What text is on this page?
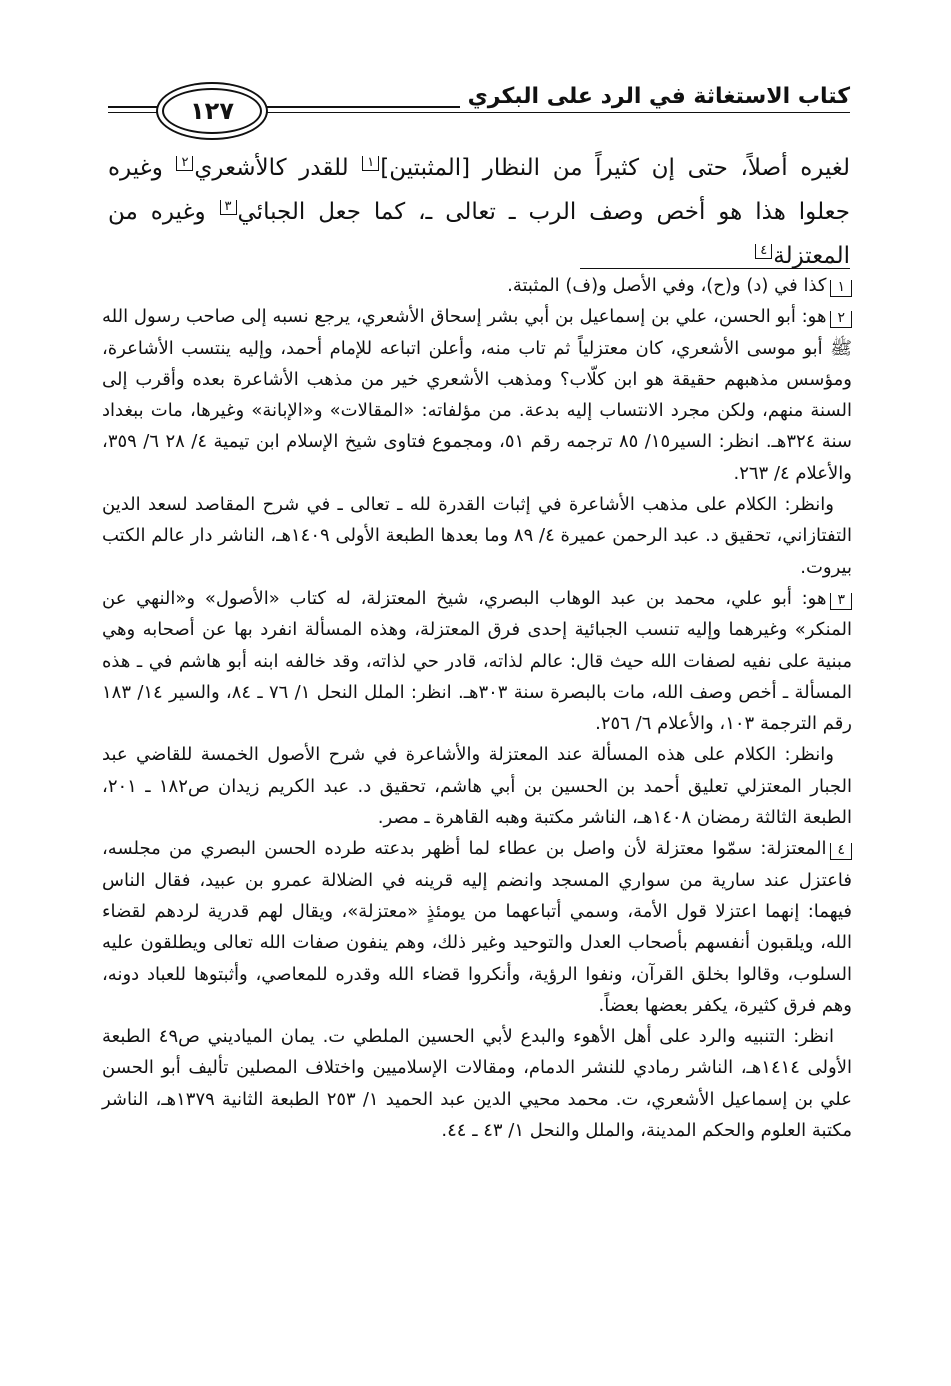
١٢٧
كتاب الاستغاثة في الرد على البكري
لغيره أصلاً، حتى إن كثيراً من النظار [المثبتين]١ للقدر كالأشعري٢ وغيره جعلوا هذا هو أخص وصف الرب ـ تعالى ـ، كما جعل الجبائي٣ وغيره من المعتزلة٤

١كذا في (د) و(ح)، وفي الأصل و(ف) المثبتة.

٢هو: أبو الحسن، علي بن إسماعيل بن أبي بشر إسحاق الأشعري، يرجع نسبه إلى صاحب رسول الله ﷺ أبو موسى الأشعري، كان معتزلياً ثم تاب منه، وأعلن اتباعه للإمام أحمد، وإليه ينتسب الأشاعرة، ومؤسس مذهبهم حقيقة هو ابن كلّاب؟ ومذهب الأشعري خير من مذهب الأشاعرة بعده وأقرب إلى السنة منهم، ولكن مجرد الانتساب إليه بدعة. من مؤلفاته: «المقالات» و«الإبانة» وغيرها، مات ببغداد سنة ٣٢٤هـ. انظر: السير١٥/ ٨٥ ترجمه رقم ٥١، ومجموع فتاوى شيخ الإسلام ابن تيمية ٤/ ٢٨ ٦/ ٣٥٩، والأعلام ٤/ ٢٦٣.

وانظر: الكلام على مذهب الأشاعرة في إثبات القدرة لله ـ تعالى ـ في شرح المقاصد لسعد الدين التفتازاني، تحقيق د. عبد الرحمن عميرة ٤/ ٨٩ وما بعدها الطبعة الأولى ١٤٠٩هـ، الناشر دار عالم الكتب بيروت.

٣هو: أبو علي، محمد بن عبد الوهاب البصري، شيخ المعتزلة، له كتاب «الأصول» و«النهي عن المنكر» وغيرهما وإليه تنسب الجبائية إحدى فرق المعتزلة، وهذه المسألة انفرد بها عن أصحابه وهي مبنية على نفيه لصفات الله حيث قال: عالم لذاته، قادر حي لذاته، وقد خالفه ابنه أبو هاشم في ـ هذه المسألة ـ أخص وصف الله، مات بالبصرة سنة ٣٠٣هـ. انظر: الملل النحل ١/ ٧٦ ـ ٨٤، والسير ١٤/ ١٨٣ رقم الترجمة ١٠٣، والأعلام ٦/ ٢٥٦.

وانظر: الكلام على هذه المسألة عند المعتزلة والأشاعرة في شرح الأصول الخمسة للقاضي عبد الجبار المعتزلي تعليق أحمد بن الحسين بن أبي هاشم، تحقيق د. عبد الكريم زيدان ص١٨٢ ـ ٢٠١، الطبعة الثالثة رمضان ١٤٠٨هـ، الناشر مكتبة وهبه القاهرة ـ مصر.

٤المعتزلة: سمّوا معتزلة لأن واصل بن عطاء لما أظهر بدعته طرده الحسن البصري من مجلسه، فاعتزل عند سارية من سواري المسجد وانضم إليه قرينه في الضلالة عمرو بن عبيد، فقال الناس فيهما: إنهما اعتزلا قول الأمة، وسمي أتباعهما من يومئذٍ «معتزلة»، ويقال لهم قدرية لردهم لقضاء الله، ويلقبون أنفسهم بأصحاب العدل والتوحيد وغير ذلك، وهم ينفون صفات الله تعالى ويطلقون عليه السلوب، وقالوا بخلق القرآن، ونفوا الرؤية، وأنكروا قضاء الله وقدره للمعاصي، وأثبتوها للعباد دونه، وهم فرق كثيرة، يكفر بعضها بعضاً.

انظر: التنبيه والرد على أهل الأهوء والبدع لأبي الحسين الملطي ت. يمان المياديني ص٤٩ الطبعة الأولى ١٤١٤هـ، الناشر رمادي للنشر الدمام، ومقالات الإسلاميين واختلاف المصلين تأليف أبو الحسن علي بن إسماعيل الأشعري، ت. محمد محيي الدين عبد الحميد ١/ ٢٥٣ الطبعة الثانية ١٣٧٩هـ، الناشر مكتبة العلوم والحكم المدينة، والملل والنحل ١/ ٤٣ ـ ٤٤.
